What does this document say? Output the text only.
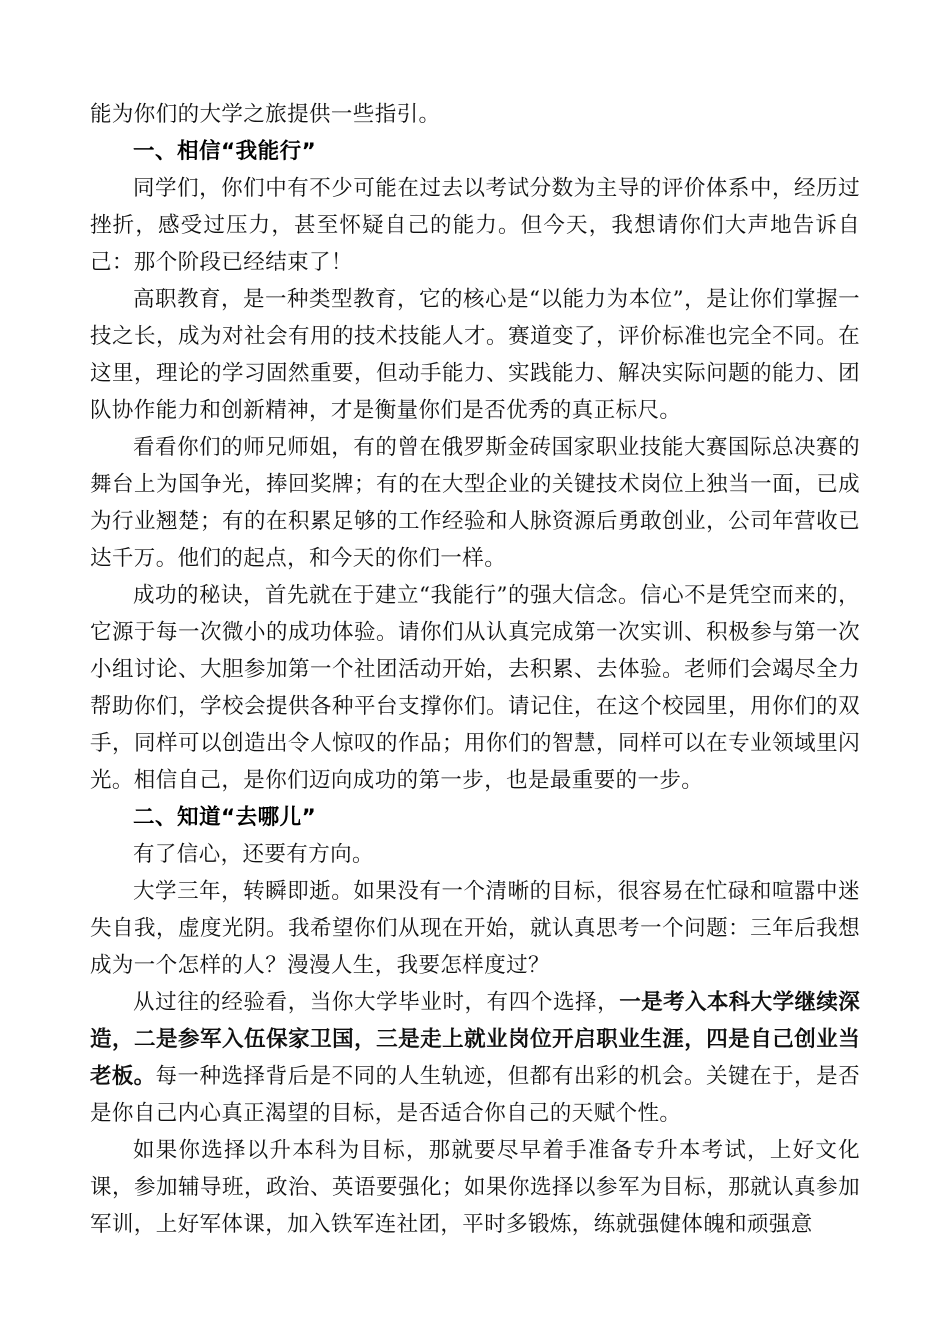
能为你们的大学之旅提供一些指引。

一、相信“我能行”

同学们，你们中有不少可能在过去以考试分数为主导的评价体系中，经历过挫折，感受过压力，甚至怀疑自己的能力。但今天，我想请你们大声地告诉自己：那个阶段已经结束了！

高职教育，是一种类型教育，它的核心是“以能力为本位”，是让你们掌握一技之长，成为对社会有用的技术技能人才。赛道变了，评价标准也完全不同。在这里，理论的学习固然重要，但动手能力、实践能力、解决实际问题的能力、团队协作能力和创新精神，才是衡量你们是否优秀的真正标尺。

看看你们的师兄师姐，有的曾在俄罗斯金砖国家职业技能大赛国际总决赛的舞台上为国争光，捧回奖牌；有的在大型企业的关键技术岗位上独当一面，已成为行业翘楚；有的在积累足够的工作经验和人脉资源后勇敢创业，公司年营收已达千万。他们的起点，和今天的你们一样。

成功的秘诀，首先就在于建立“我能行”的强大信念。信心不是凭空而来的，它源于每一次微小的成功体验。请你们从认真完成第一次实训、积极参与第一次小组讨论、大胆参加第一个社团活动开始，去积累、去体验。老师们会竭尽全力帮助你们，学校会提供各种平台支撑你们。请记住，在这个校园里，用你们的双手，同样可以创造出令人惊叹的作品；用你们的智慧，同样可以在专业领域里闪光。相信自己，是你们迈向成功的第一步，也是最重要的一步。

二、知道“去哪儿”

有了信心，还要有方向。

大学三年，转瞬即逝。如果没有一个清晰的目标，很容易在忙碌和喧嚣中迷失自我，虚度光阴。我希望你们从现在开始，就认真思考一个问题：三年后我想成为一个怎样的人？漫漫人生，我要怎样度过？

从过往的经验看，当你大学毕业时，有四个选择，一是考入本科大学继续深造，二是参军入伍保家卫国，三是走上就业岗位开启职业生涯，四是自己创业当老板。每一种选择背后是不同的人生轨迹，但都有出彩的机会。关键在于，是否是你自己内心真正渴望的目标，是否适合你自己的天赋个性。

如果你选择以升本科为目标，那就要尽早着手准备专升本考试，上好文化课，参加辅导班，政治、英语要强化；如果你选择以参军为目标，那就认真参加军训，上好军体课，加入铁军连社团，平时多锻炼，练就强健体魄和顽强意
